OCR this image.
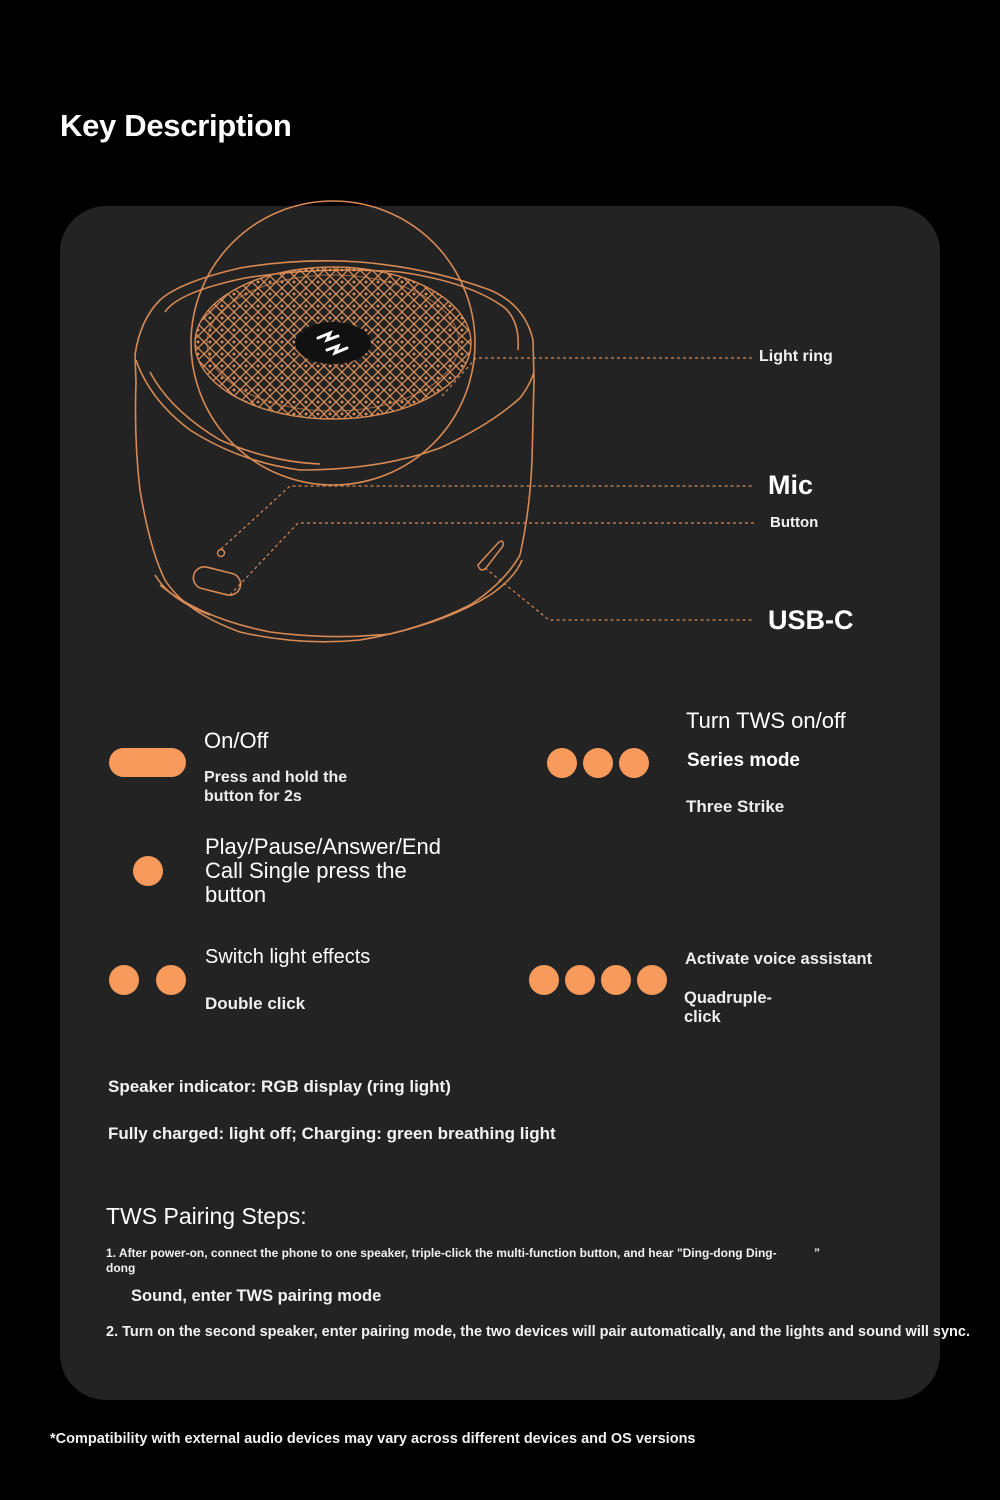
Key Description
Light ring
Mic
Button
USB-C
On/Off
Press and hold the
button for 2s
Play/Pause/Answer/End
Call Single press the
button
Switch light effects
Double click
Turn TWS on/off
Series mode
Three Strike
Activate voice assistant
Quadruple-
click
Speaker indicator: RGB display (ring light)
Fully charged: light off; Charging: green breathing light
TWS Pairing Steps:
1. After power-on, connect the phone to one speaker, triple-click the multi-function button, and hear "Ding-dong Ding-	”
dong
Sound, enter TWS pairing mode
2. Turn on the second speaker, enter pairing mode, the two devices will pair automatically, and the lights and sound will sync.
*Compatibility with external audio devices may vary across different devices and OS versions
